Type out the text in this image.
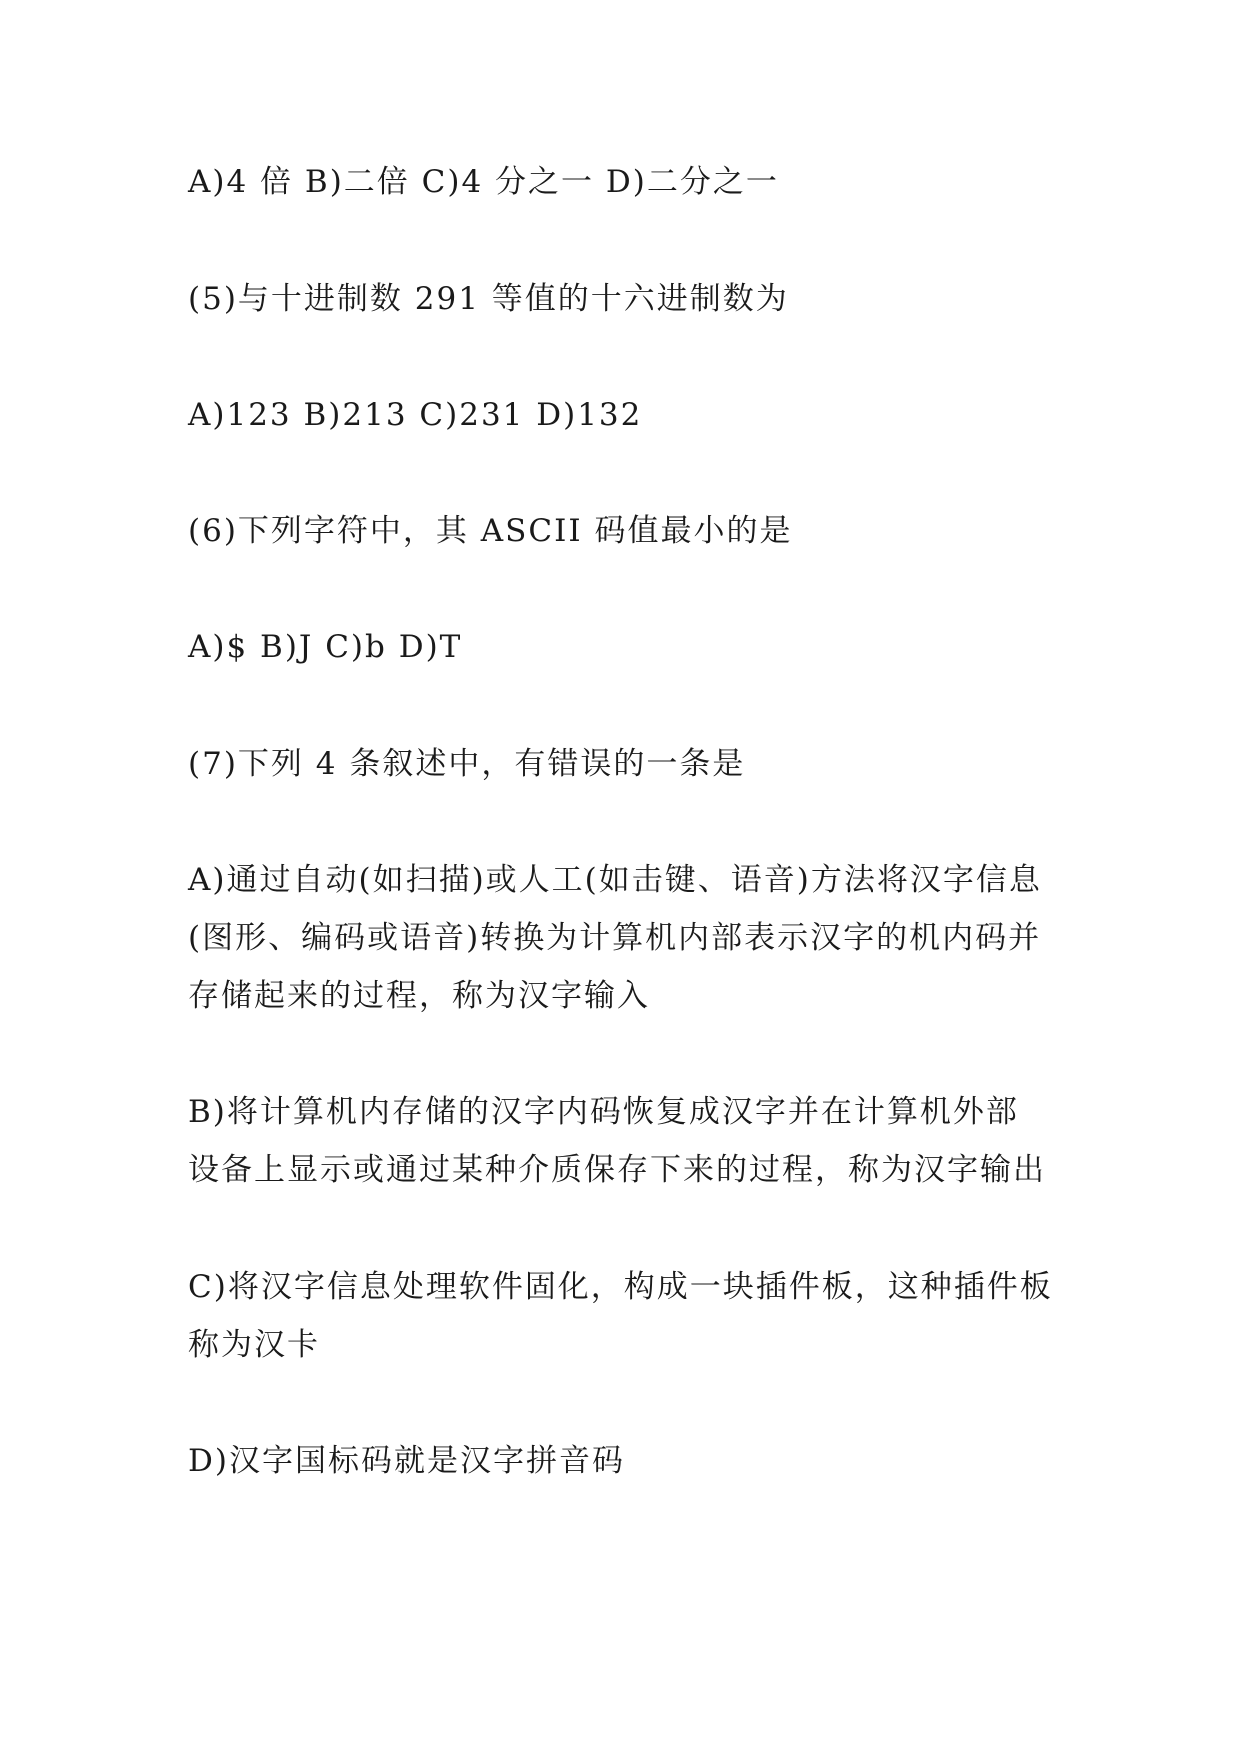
A)4 倍 B)二倍 C)4 分之一 D)二分之一
(5)与十进制数 291 等值的十六进制数为
A)123 B)213 C)231 D)132
(6)下列字符中，其 ASCII 码值最小的是
A)$ B)J C)b D)T
(7)下列 4 条叙述中，有错误的一条是
A)通过自动(如扫描)或人工(如击键、语音)方法将汉字信息
(图形、编码或语音)转换为计算机内部表示汉字的机内码并
存储起来的过程，称为汉字输入
B)将计算机内存储的汉字内码恢复成汉字并在计算机外部
设备上显示或通过某种介质保存下来的过程，称为汉字输出
C)将汉字信息处理软件固化，构成一块插件板，这种插件板
称为汉卡
D)汉字国标码就是汉字拼音码
